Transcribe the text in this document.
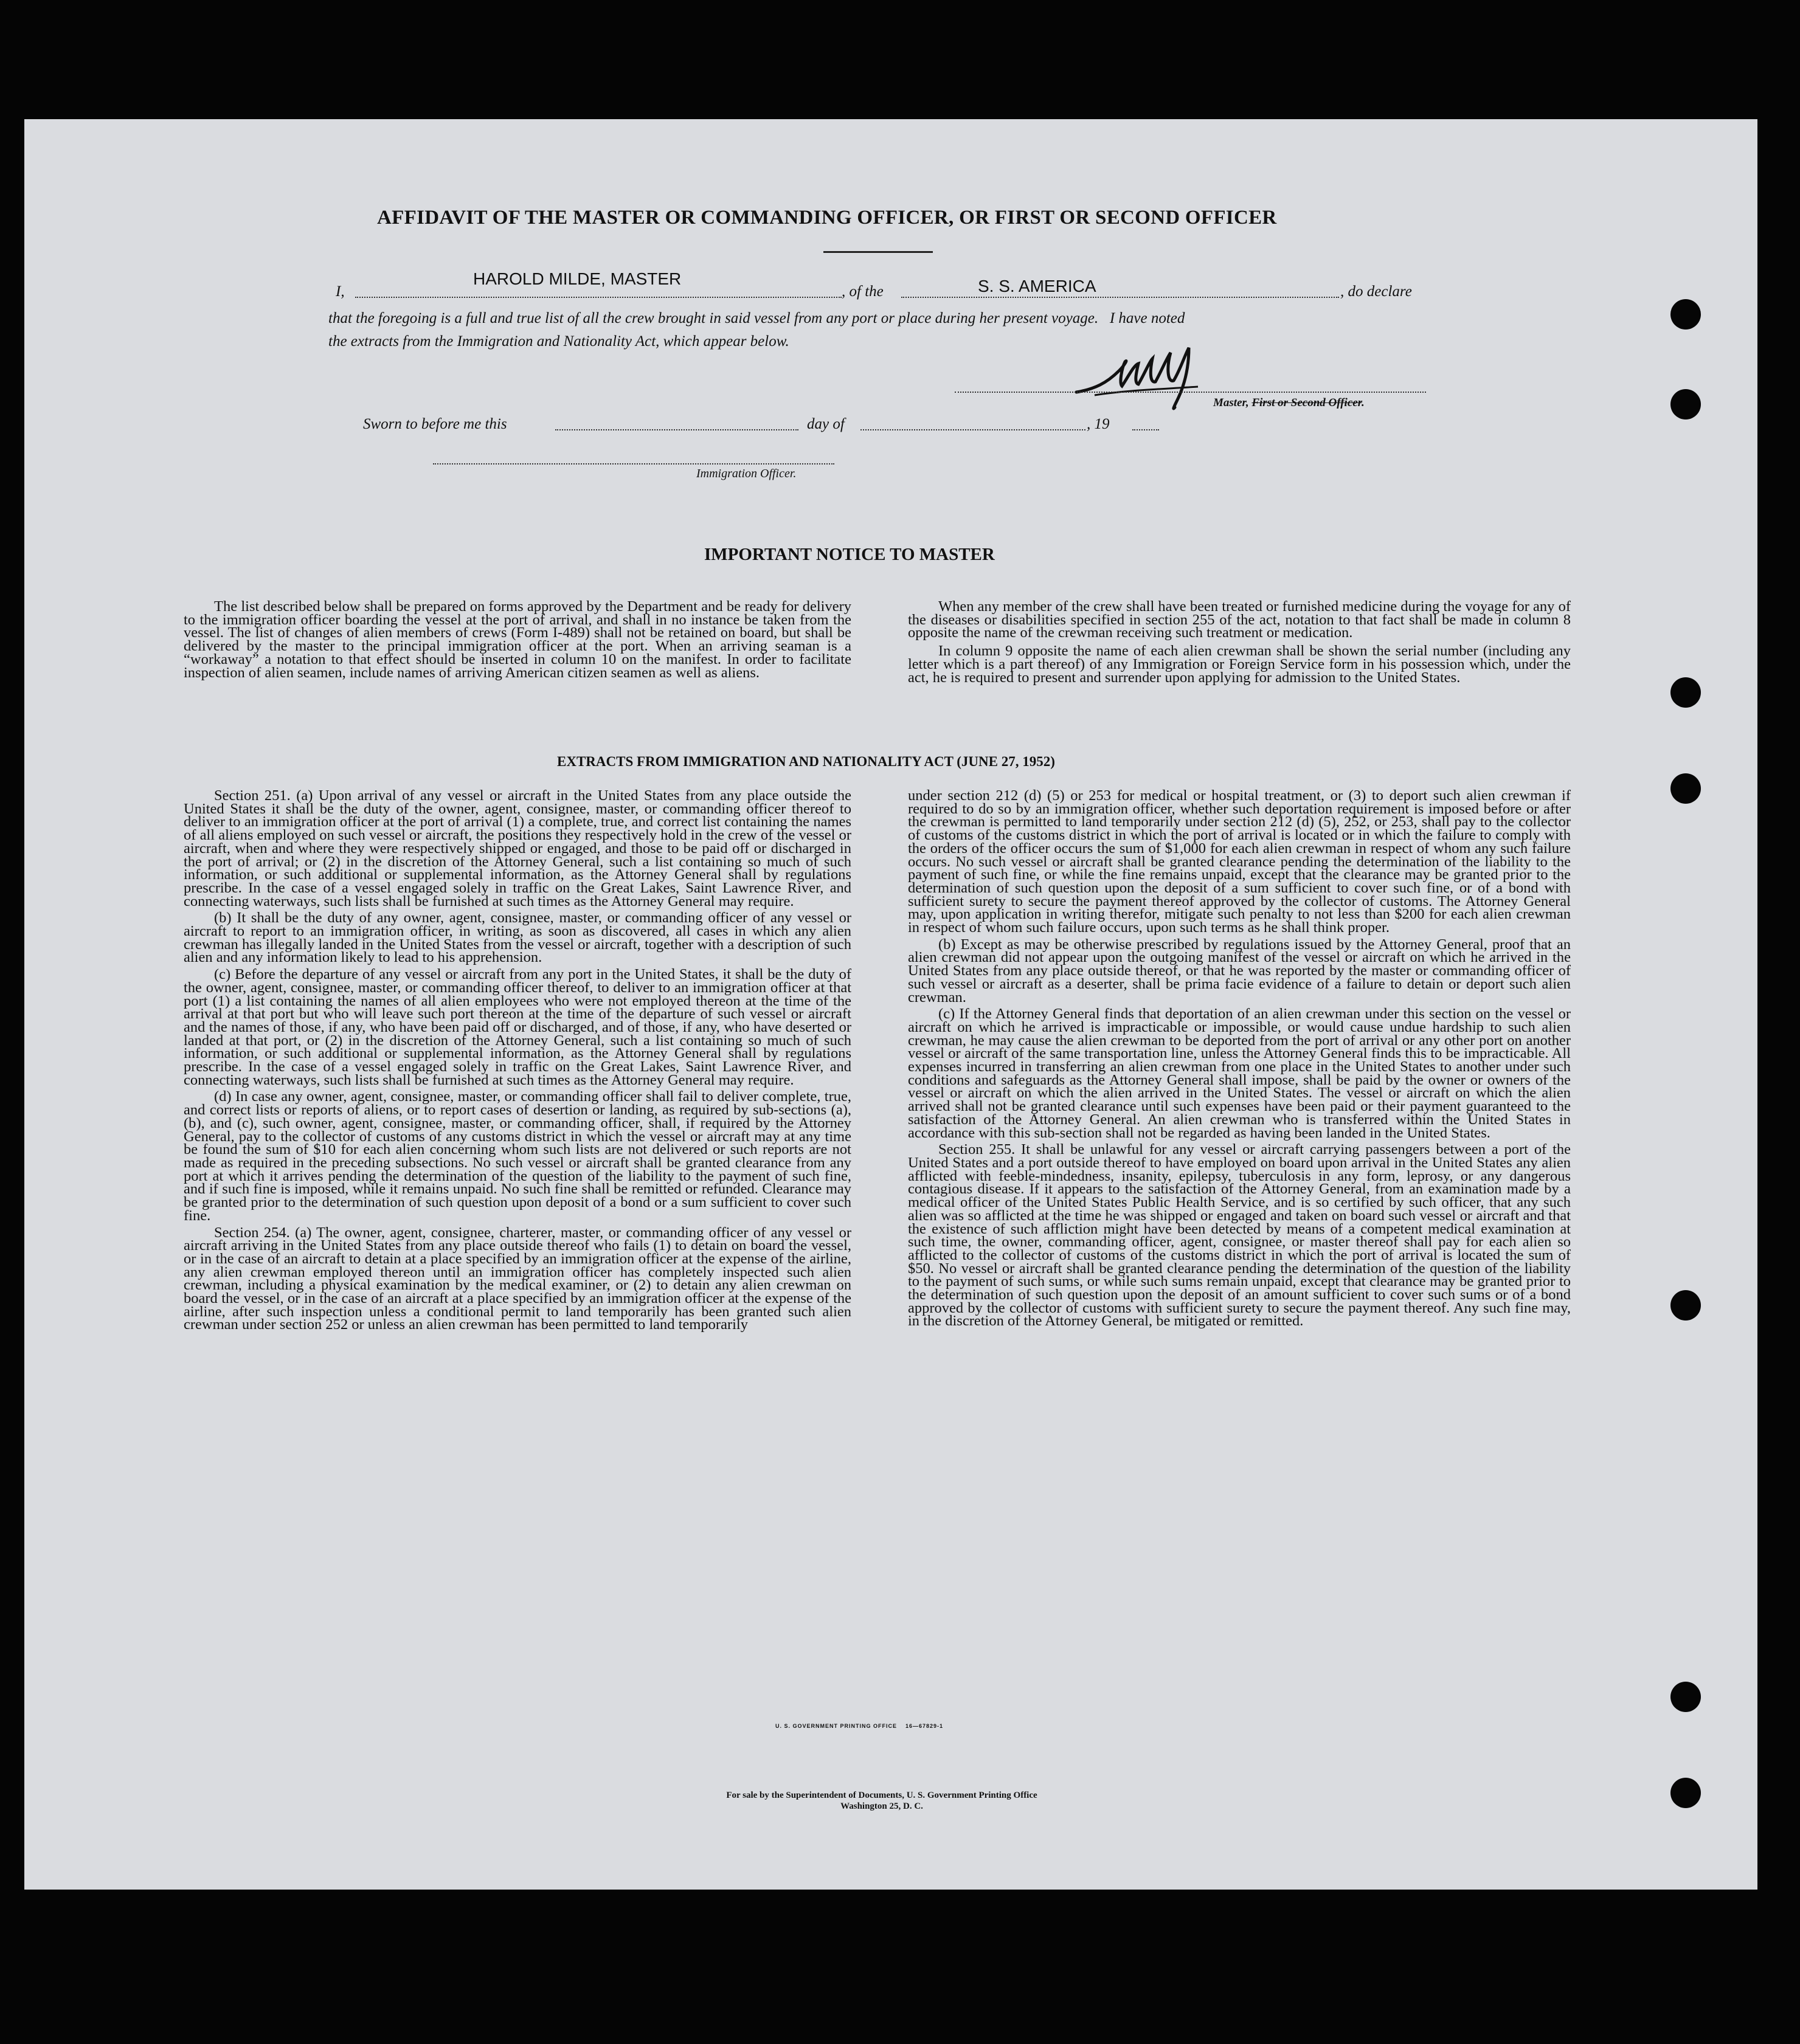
AFFIDAVIT OF THE MASTER OR COMMANDING OFFICER, OR FIRST OR SECOND OFFICER
I,
HAROLD MILDE, MASTER
, of the	S. S. AMERICA	, do declare
that the foregoing is a full and true list of all the crew brought in said vessel from any port or place during her present voyage.   I have noted
the extracts from the Immigration and Nationality Act, which appear below.
Master, First or Second Officer.
Sworn to before me this	day of	, 19
Immigration Officer.
IMPORTANT NOTICE TO MASTER

The list described below shall be prepared on forms approved by the Department and be ready for delivery to the immigration officer boarding the vessel at the port of arrival, and shall in no instance be taken from the vessel. The list of changes of alien members of crews (Form I-489) shall not be retained on board, but shall be delivered by the master to the principal immigration officer at the port. When an arriving seaman is a “workaway” a notation to that effect should be inserted in column 10 on the manifest. In order to facilitate inspection of alien seamen, include names of arriving American citizen seamen as well as aliens.

When any member of the crew shall have been treated or furnished medicine during the voyage for any of the diseases or disabilities specified in section 255 of the act, notation to that fact shall be made in column 8 opposite the name of the crewman receiving such treatment or medication.

In column 9 opposite the name of each alien crewman shall be shown the serial number (including any letter which is a part thereof) of any Immigration or Foreign Service form in his possession which, under the act, he is required to present and surrender upon applying for admission to the United States.

EXTRACTS FROM IMMIGRATION AND NATIONALITY ACT (JUNE 27, 1952)

Section 251. (a) Upon arrival of any vessel or aircraft in the United States from any place outside the United States it shall be the duty of the owner, agent, consignee, master, or commanding officer thereof to deliver to an immigration officer at the port of arrival (1) a complete, true, and correct list containing the names of all aliens employed on such vessel or aircraft, the positions they respectively hold in the crew of the vessel or aircraft, when and where they were respectively shipped or engaged, and those to be paid off or discharged in the port of arrival; or (2) in the discretion of the Attorney General, such a list containing so much of such information, or such additional or supplemental information, as the Attorney General shall by regulations prescribe. In the case of a vessel engaged solely in traffic on the Great Lakes, Saint Lawrence River, and connecting waterways, such lists shall be furnished at such times as the Attorney General may require.

(b) It shall be the duty of any owner, agent, consignee, master, or commanding officer of any vessel or aircraft to report to an immigration officer, in writing, as soon as discovered, all cases in which any alien crewman has illegally landed in the United States from the vessel or aircraft, together with a description of such alien and any information likely to lead to his apprehension.

(c) Before the departure of any vessel or aircraft from any port in the United States, it shall be the duty of the owner, agent, consignee, master, or commanding officer thereof, to deliver to an immigration officer at that port (1) a list containing the names of all alien employees who were not employed thereon at the time of the arrival at that port but who will leave such port thereon at the time of the departure of such vessel or aircraft and the names of those, if any, who have been paid off or discharged, and of those, if any, who have deserted or landed at that port, or (2) in the discretion of the Attorney General, such a list containing so much of such information, or such additional or supplemental information, as the Attorney General shall by regulations prescribe. In the case of a vessel engaged solely in traffic on the Great Lakes, Saint Lawrence River, and connecting waterways, such lists shall be furnished at such times as the Attorney General may require.

(d) In case any owner, agent, consignee, master, or commanding officer shall fail to deliver complete, true, and correct lists or reports of aliens, or to report cases of desertion or landing, as required by sub-sections (a), (b), and (c), such owner, agent, consignee, master, or commanding officer, shall, if required by the Attorney General, pay to the collector of customs of any customs district in which the vessel or aircraft may at any time be found the sum of $10 for each alien concerning whom such lists are not delivered or such reports are not made as required in the preceding subsections. No such vessel or aircraft shall be granted clearance from any port at which it arrives pending the determination of the question of the liability to the payment of such fine, and if such fine is imposed, while it remains unpaid. No such fine shall be remitted or refunded. Clearance may be granted prior to the determination of such question upon deposit of a bond or a sum sufficient to cover such fine.

Section 254. (a) The owner, agent, consignee, charterer, master, or commanding officer of any vessel or aircraft arriving in the United States from any place outside thereof who fails (1) to detain on board the vessel, or in the case of an aircraft to detain at a place specified by an immigration officer at the expense of the airline, any alien crewman employed thereon until an immigration officer has completely inspected such alien crewman, including a physical examination by the medical examiner, or (2) to detain any alien crewman on board the vessel, or in the case of an aircraft at a place specified by an immigration officer at the expense of the airline, after such inspection unless a conditional permit to land temporarily has been granted such alien crewman under section 252 or unless an alien crewman has been permitted to land temporarily

under section 212 (d) (5) or 253 for medical or hospital treatment, or (3) to deport such alien crewman if required to do so by an immigration officer, whether such deportation requirement is imposed before or after the crewman is permitted to land temporarily under section 212 (d) (5), 252, or 253, shall pay to the collector of customs of the customs district in which the port of arrival is located or in which the failure to comply with the orders of the officer occurs the sum of $1,000 for each alien crewman in respect of whom any such failure occurs. No such vessel or aircraft shall be granted clearance pending the determination of the liability to the payment of such fine, or while the fine remains unpaid, except that the clearance may be granted prior to the determination of such question upon the deposit of a sum sufficient to cover such fine, or of a bond with sufficient surety to secure the payment thereof approved by the collector of customs. The Attorney General may, upon application in writing therefor, mitigate such penalty to not less than $200 for each alien crewman in respect of whom such failure occurs, upon such terms as he shall think proper.

(b) Except as may be otherwise prescribed by regulations issued by the Attorney General, proof that an alien crewman did not appear upon the outgoing manifest of the vessel or aircraft on which he arrived in the United States from any place outside thereof, or that he was reported by the master or commanding officer of such vessel or aircraft as a deserter, shall be prima facie evidence of a failure to detain or deport such alien crewman.

(c) If the Attorney General finds that deportation of an alien crewman under this section on the vessel or aircraft on which he arrived is impracticable or impossible, or would cause undue hardship to such alien crewman, he may cause the alien crewman to be deported from the port of arrival or any other port on another vessel or aircraft of the same transportation line, unless the Attorney General finds this to be impracticable. All expenses incurred in transferring an alien crewman from one place in the United States to another under such conditions and safeguards as the Attorney General shall impose, shall be paid by the owner or owners of the vessel or aircraft on which the alien arrived in the United States. The vessel or aircraft on which the alien arrived shall not be granted clearance until such expenses have been paid or their payment guaranteed to the satisfaction of the Attorney General. An alien crewman who is transferred within the United States in accordance with this sub-section shall not be regarded as having been landed in the United States.

Section 255. It shall be unlawful for any vessel or aircraft carrying passengers between a port of the United States and a port outside thereof to have employed on board upon arrival in the United States any alien afflicted with feeble-mindedness, insanity, epilepsy, tuberculosis in any form, leprosy, or any dangerous contagious disease. If it appears to the satisfaction of the Attorney General, from an examination made by a medical officer of the United States Public Health Service, and is so certified by such officer, that any such alien was so afflicted at the time he was shipped or engaged and taken on board such vessel or aircraft and that the existence of such affliction might have been detected by means of a competent medical examination at such time, the owner, commanding officer, agent, consignee, or master thereof shall pay for each alien so afflicted to the collector of customs of the customs district in which the port of arrival is located the sum of $50. No vessel or aircraft shall be granted clearance pending the determination of the question of the liability to the payment of such sums, or while such sums remain unpaid, except that clearance may be granted prior to the determination of such question upon the deposit of an amount sufficient to cover such sums or of a bond approved by the collector of customs with sufficient surety to secure the payment thereof. Any such fine may, in the discretion of the Attorney General, be mitigated or remitted.

U. S. GOVERNMENT PRINTING OFFICE    16—67829-1
For sale by the Superintendent of Documents, U. S. Government Printing Office
Washington 25, D. C.
